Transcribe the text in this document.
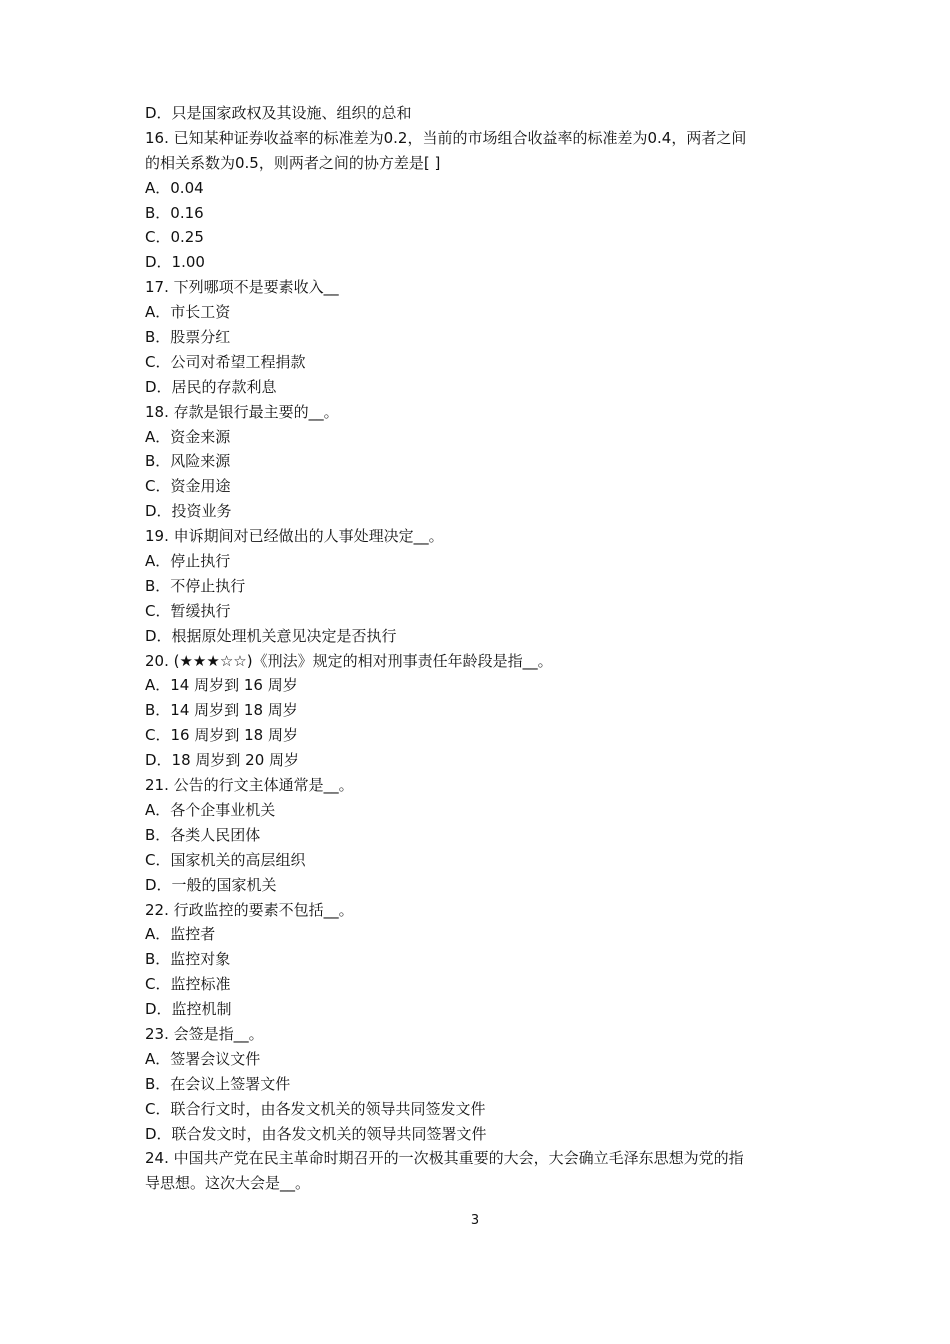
D．只是国家政权及其设施、组织的总和
16. 已知某种证券收益率的标准差为0.2，当前的市场组合收益率的标准差为0.4，两者之间
的相关系数为0.5，则两者之间的协方差是[ ]
A．0.04
B．0.16
C．0.25
D．1.00
17. 下列哪项不是要素收入__
A．市长工资
B．股票分红
C．公司对希望工程捐款
D．居民的存款利息
18. 存款是银行最主要的__。
A．资金来源
B．风险来源
C．资金用途
D．投资业务
19. 申诉期间对已经做出的人事处理决定__。
A．停止执行
B．不停止执行
C．暂缓执行
D．根据原处理机关意见决定是否执行
20. (★★★☆☆)《刑法》规定的相对刑事责任年龄段是指__。
A．14 周岁到 16 周岁
B．14 周岁到 18 周岁
C．16 周岁到 18 周岁
D．18 周岁到 20 周岁
21. 公告的行文主体通常是__。
A．各个企事业机关
B．各类人民团体
C．国家机关的高层组织
D．一般的国家机关
22. 行政监控的要素不包括__。
A．监控者
B．监控对象
C．监控标准
D．监控机制
23. 会签是指__。
A．签署会议文件
B．在会议上签署文件
C．联合行文时，由各发文机关的领导共同签发文件
D．联合发文时，由各发文机关的领导共同签署文件
24. 中国共产党在民主革命时期召开的一次极其重要的大会，大会确立毛泽东思想为党的指
导思想。这次大会是__。
3
